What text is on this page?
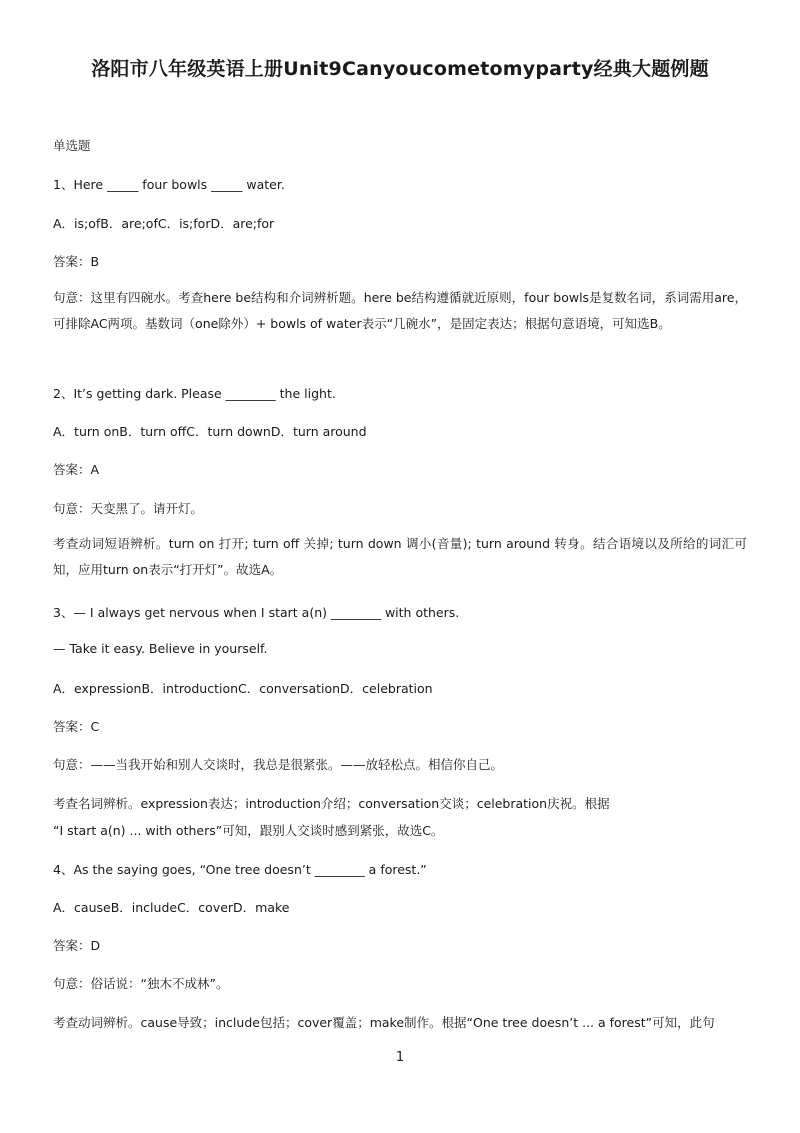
洛阳市八年级英语上册Unit9Canyoucometomyparty经典大题例题
单选题
1、Here _____ four bowls _____ water.
A．is;ofB．are;ofC．is;forD．are;for
答案：B
句意：这里有四碗水。考查here be结构和介词辨析题。here be结构遵循就近原则，four bowls是复数名词，系词需用are，可排除AC两项。基数词（one除外）+ bowls of water表示“几碗水”，是固定表达；根据句意语境，可知选B。
2、It’s getting dark. Please ________ the light.
A．turn onB．turn offC．turn downD．turn around
答案：A
句意：天变黑了。请开灯。
考查动词短语辨析。turn on 打开; turn off 关掉; turn down 调小(音量); turn around 转身。结合语境以及所给的词汇可知，应用turn on表示“打开灯”。故选A。
3、— I always get nervous when I start a(n) ________ with others.
— Take it easy. Believe in yourself.
A．expressionB．introductionC．conversationD．celebration
答案：C
句意：——当我开始和别人交谈时，我总是很紧张。——放轻松点。相信你自己。
考查名词辨析。expression表达；introduction介绍；conversation交谈；celebration庆祝。根据
“I start a(n) ... with others”可知，跟别人交谈时感到紧张，故选C。
4、As the saying goes, “One tree doesn’t ________ a forest.”
A．causeB．includeC．coverD．make
答案：D
句意：俗话说：“独木不成林”。
考查动词辨析。cause导致；include包括；cover覆盖；make制作。根据“One tree doesn’t ... a forest”可知，此句
1
